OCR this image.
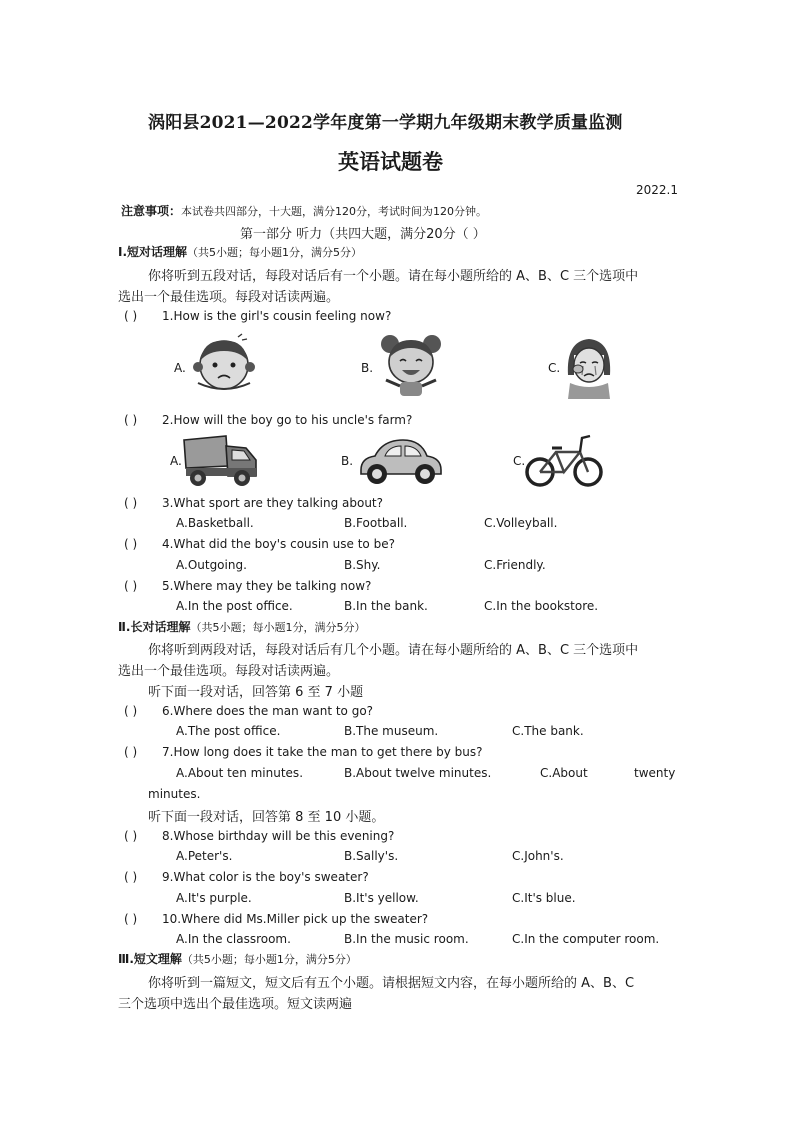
涡阳县2021—2022学年度第一学期九年级期末教学质量监测
英语试题卷
2022.1
注意事项：本试卷共四部分，十大题，满分120分，考试时间为120分钟。
第一部分 听力（共四大题，满分20分（ ）
Ⅰ.短对话理解（共5小题；每小题1分，满分5分）
你将听到五段对话，每段对话后有一个小题。请在每小题所给的 A、B、C 三个选项中
选出一个最佳选项。每段对话读两遍。
( ) 1.How is the girl's cousin feeling now?
A.	B.	C.
( ) 2.How will the boy go to his uncle's farm?
A.	B.	C.
( ) 3.What sport are they talking about?
A.Basketball.	B.Football.	C.Volleyball.
( ) 4.What did the boy's cousin use to be?
A.Outgoing.	B.Shy.	C.Friendly.
( ) 5.Where may they be talking now?
A.In the post office.	B.In the bank.	C.In the bookstore.
Ⅱ.长对话理解（共5小题；每小题1分，满分5分）
你将听到两段对话，每段对话后有几个小题。请在每小题所给的 A、B、C 三个选项中
选出一个最佳选项。每段对话读两遍。
听下面一段对话，回答第 6 至 7 小题
( ) 6.Where does the man want to go?
A.The post office.	B.The museum.	C.The bank.
( ) 7.How long does it take the man to get there by bus?
A.About ten minutes.	B.About twelve minutes.	C.About	twenty
minutes.
听下面一段对话，回答第 8 至 10 小题。
( ) 8.Whose birthday will be this evening?
A.Peter's.	B.Sally's.	C.John's.
( ) 9.What color is the boy's sweater?
A.It's purple.	B.It's yellow.	C.It's blue.
( ) 10.Where did Ms.Miller pick up the sweater?
A.In the classroom.	B.In the music room.	C.In the computer room.
Ⅲ.短文理解（共5小题；每小题1分，满分5分）
你将听到一篇短文，短文后有五个小题。请根据短文内容，在每小题所给的 A、B、C
三个选项中选出个最佳选项。短文读两遍
